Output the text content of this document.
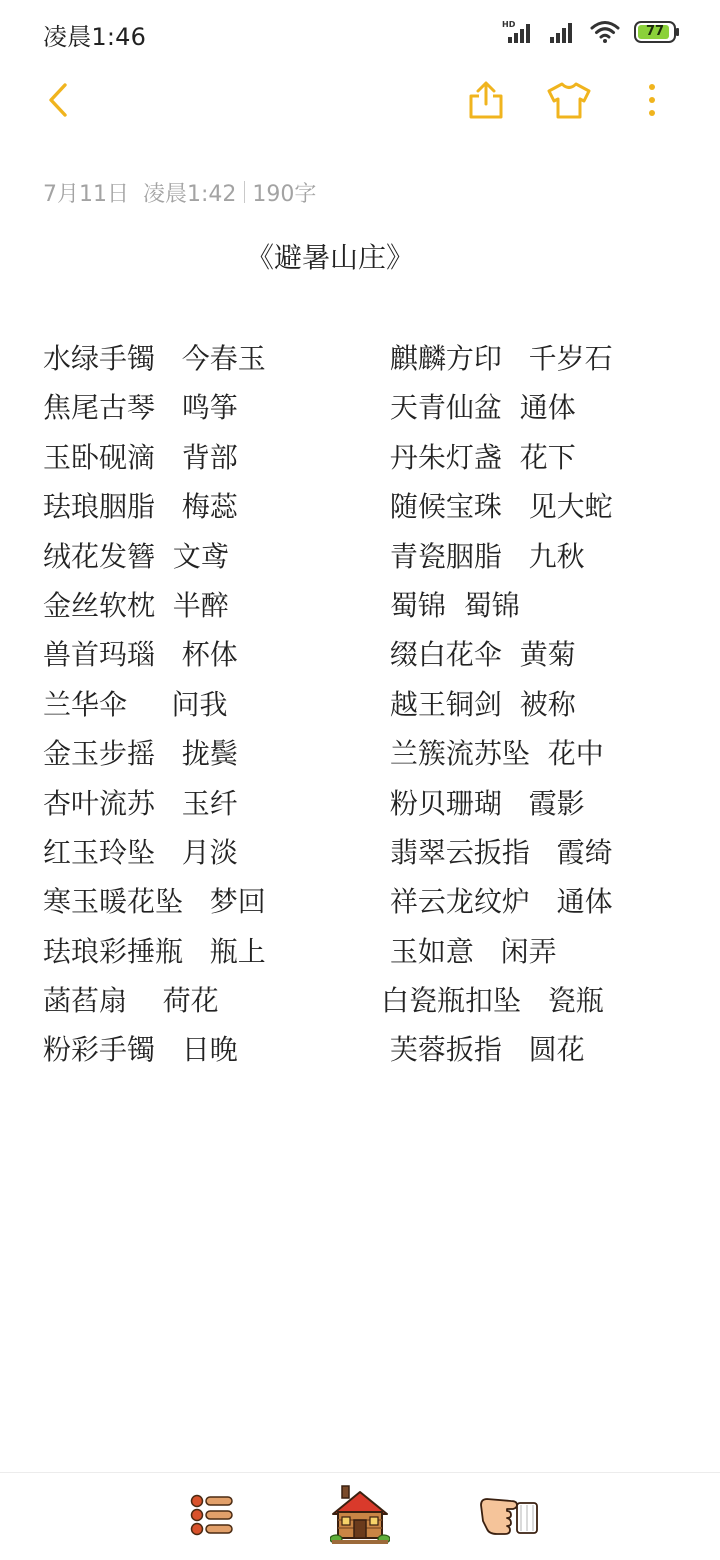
凌晨1:46	HD	77
7月11日 凌晨1:42 190字
《避暑山庄》
水绿手镯   今春玉
焦尾古琴   鸣筝
玉卧砚滴   背部
珐琅胭脂   梅蕊
绒花发簪  文鸢
金丝软枕  半醉
兽首玛瑙   杯体
兰华伞     问我
金玉步摇   拢鬓
杏叶流苏   玉纤
红玉玲坠   月淡
寒玉暖花坠   梦回
珐琅彩捶瓶   瓶上
菡萏扇    荷花
粉彩手镯   日晚
麒麟方印   千岁石
天青仙盆  通体
丹朱灯盏  花下
随候宝珠   见大蛇
青瓷胭脂   九秋
蜀锦  蜀锦
缀白花伞  黄菊
越王铜剑  被称
兰簇流苏坠  花中
粉贝珊瑚   霞影
翡翠云扳指   霞绮
祥云龙纹炉   通体
玉如意   闲弄
白瓷瓶扣坠   瓷瓶
芙蓉扳指   圆花
